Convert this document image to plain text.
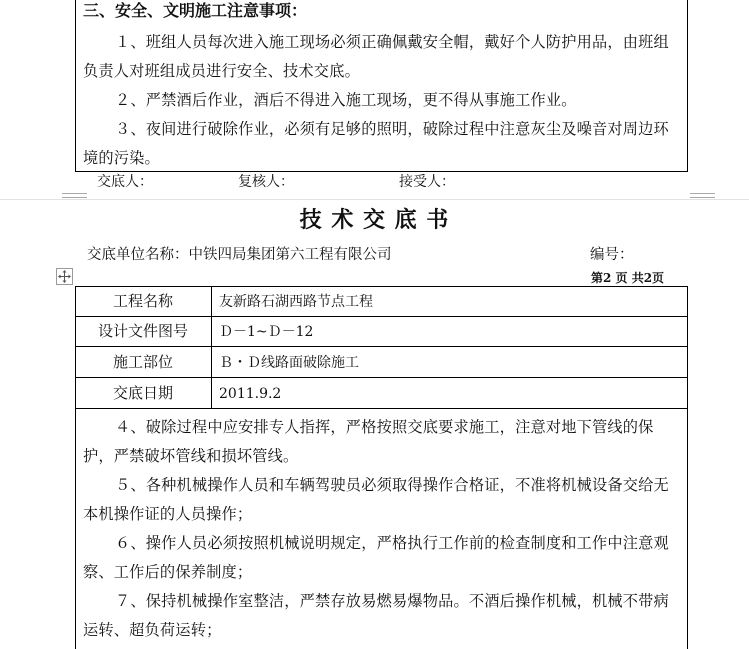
三、安全、文明施工注意事项：
１、班组人员每次进入施工现场必须正确佩戴安全帽，戴好个人防护用品，由班组负责人对班组成员进行安全、技术交底。
２、严禁酒后作业，酒后不得进入施工现场，更不得从事施工作业。
３、夜间进行破除作业，必须有足够的照明，破除过程中注意灰尘及噪音对周边环境的污染。
交底人：	复核人：	接受人：
技 术 交 底 书
交底单位名称：中铁四局集团第六工程有限公司	编号：
第2 页 共2页
工程名称	友新路石湖西路节点工程
设计文件图号	Ｄ－1~Ｄ－12
施工部位	Ｂ・Ｄ线路面破除施工
交底日期	2011.9.2
４、破除过程中应安排专人指挥，严格按照交底要求施工，注意对地下管线的保护，严禁破坏管线和损坏管线。
５、各种机械操作人员和车辆驾驶员必须取得操作合格证，不准将机械设备交给无本机操作证的人员操作；
６、操作人员必须按照机械说明规定，严格执行工作前的检查制度和工作中注意观察、工作后的保养制度；
７、保持机械操作室整洁，严禁存放易燃易爆物品。不酒后操作机械，机械不带病运转、超负荷运转；
